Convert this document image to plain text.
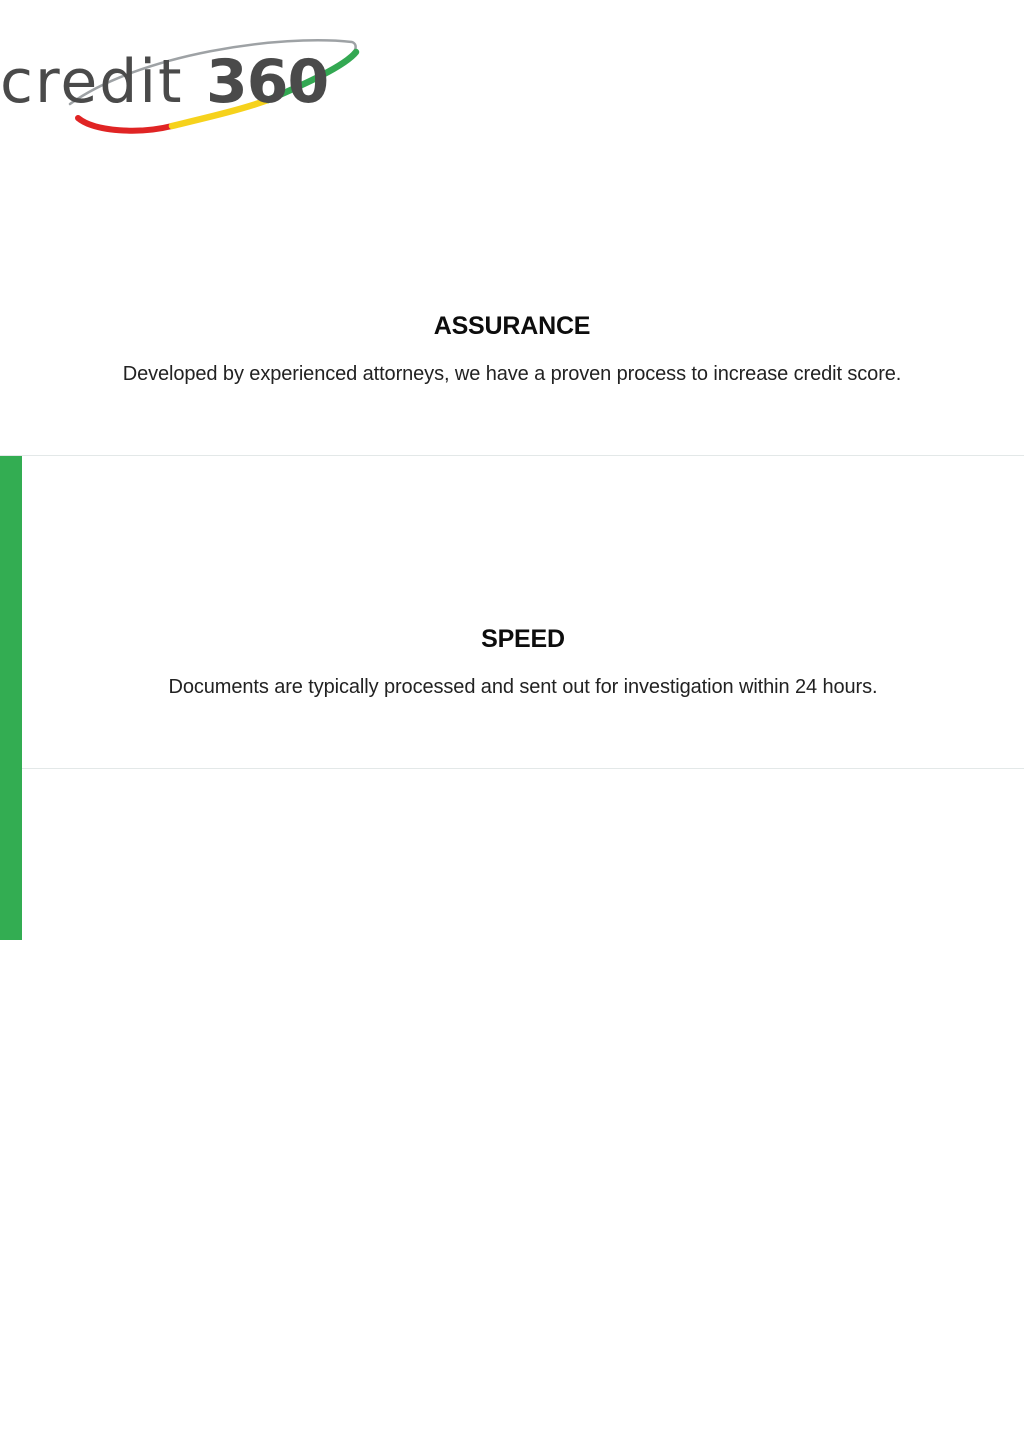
credit 360
ASSURANCE

Developed by experienced attorneys, we have a proven process to increase credit score.

SPEED

Documents are typically processed and sent out for investigation within 24 hours.
